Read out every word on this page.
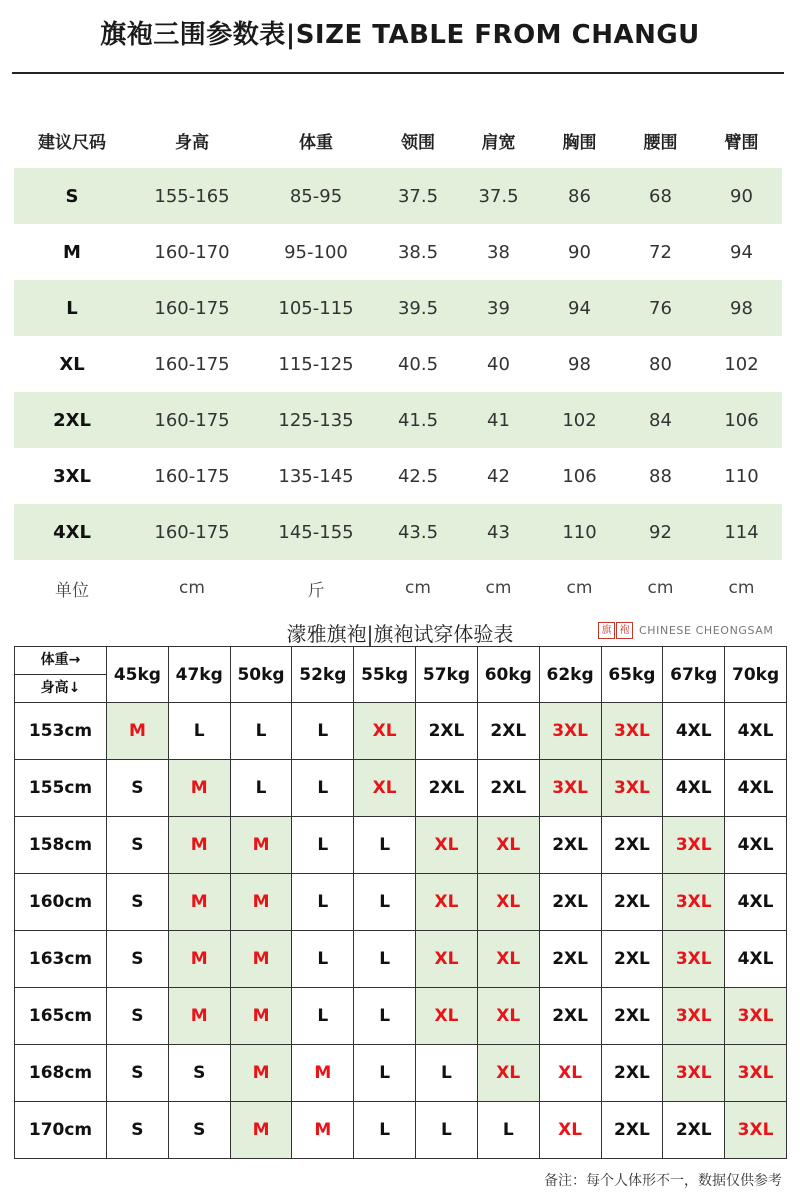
旗袍三围参数表|SIZE TABLE FROM CHANGU
建议尺码	身高	体重	领围	肩宽	胸围	腰围	臂围
S	155-165	85-95	37.5	37.5	86	68	90
M	160-170	95-100	38.5	38	90	72	94
L	160-175	105-115	39.5	39	94	76	98
XL	160-175	115-125	40.5	40	98	80	102
2XL	160-175	125-135	41.5	41	102	84	106
3XL	160-175	135-145	42.5	42	106	88	110
4XL	160-175	145-155	43.5	43	110	92	114
单位	cm	斤	cm	cm	cm	cm	cm
濛雅旗袍|旗袍试穿体验表	旗 袍 CHINESE CHEONGSAM
体重→
身高↓	45kg	47kg	50kg	52kg	55kg	57kg	60kg	62kg	65kg	67kg	70kg
153cm	M	L	L	L	XL	2XL	2XL	3XL	3XL	4XL	4XL
155cm	S	M	L	L	XL	2XL	2XL	3XL	3XL	4XL	4XL
158cm	S	M	M	L	L	XL	XL	2XL	2XL	3XL	4XL
160cm	S	M	M	L	L	XL	XL	2XL	2XL	3XL	4XL
163cm	S	M	M	L	L	XL	XL	2XL	2XL	3XL	4XL
165cm	S	M	M	L	L	XL	XL	2XL	2XL	3XL	3XL
168cm	S	S	M	M	L	L	XL	XL	2XL	3XL	3XL
170cm	S	S	M	M	L	L	L	XL	2XL	2XL	3XL
备注：每个人体形不一，数据仅供参考
